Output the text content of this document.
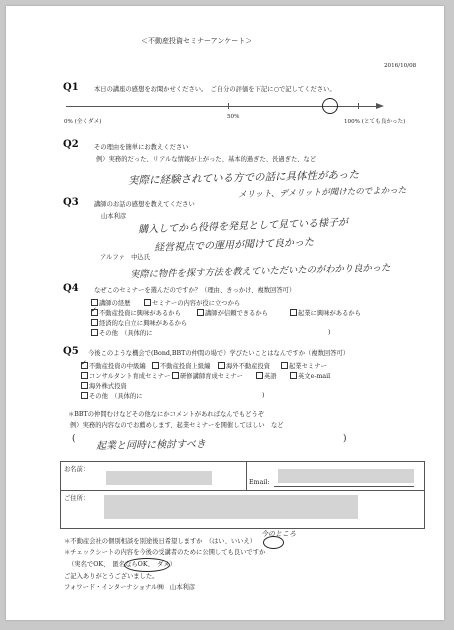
＜不動産投資セミナーアンケート＞
2016/10/08
Q1 本日の講座の感想をお聞かせください。　ご自分の評価を下記に○で記してください。
0% (全くダメ)
50%
100% (とても良かった)
Q2 その理由を簡単にお教えください
例）実務的だった、リアルな情報が上がった、基本的過ぎた、長過ぎた、など
実際に経験されている方での話に具体性があった
メリット、デメリットが聞けたのでよかった
Q3 講師のお話の感想を教えてください
山本利彦
購入してから役得を発見として見ている様子が
経営視点での運用が聞けて良かった
アルファ　中込氏
実際に物件を探す方法を教えていただいたのがわかり良かった
Q4 なぜこのセミナーを選んだのですか？（理由、きっかけ、複数回答可）
講師の経歴	セミナーの内容が役に立つから
✓不動産投資に興味があるから	講師が信頼できるから	起業に興味があるから
経済的な自立に興味があるから
その他　（具体的に	)
Q5 今後このような機会で(Bond,BBTの仲間の場で）学びたいことはなんですか（複数回答可）
✓不動産投資の中級編	不動産投資上級編	海外不動産投資	起業セミナー
コンサルタント育成セミナー	研修講師育成セミナー	英語	英文e-mail
海外株式投資
その他　（具体的に	)
＊BBTの仲間むけなどその他なにかコメントがあればなんでもどうぞ
例）実務的内容なのでお薦めします、起業セミナーを開催してほしい　など
(
起業と同時に検討すべき
)
お名前：
Email:
ご住所：
今のところ
＊不動産会社の個別相談を別途後日希望しますか　（はい、いいえ）
＊チェックシートの内容を今後の受講者のために公開しても良いですか
（実名でOK、　匿名ならOK、　ダメ）
ご記入ありがとうございました。
フォワード・インターナショナル㈱　山本利彦
